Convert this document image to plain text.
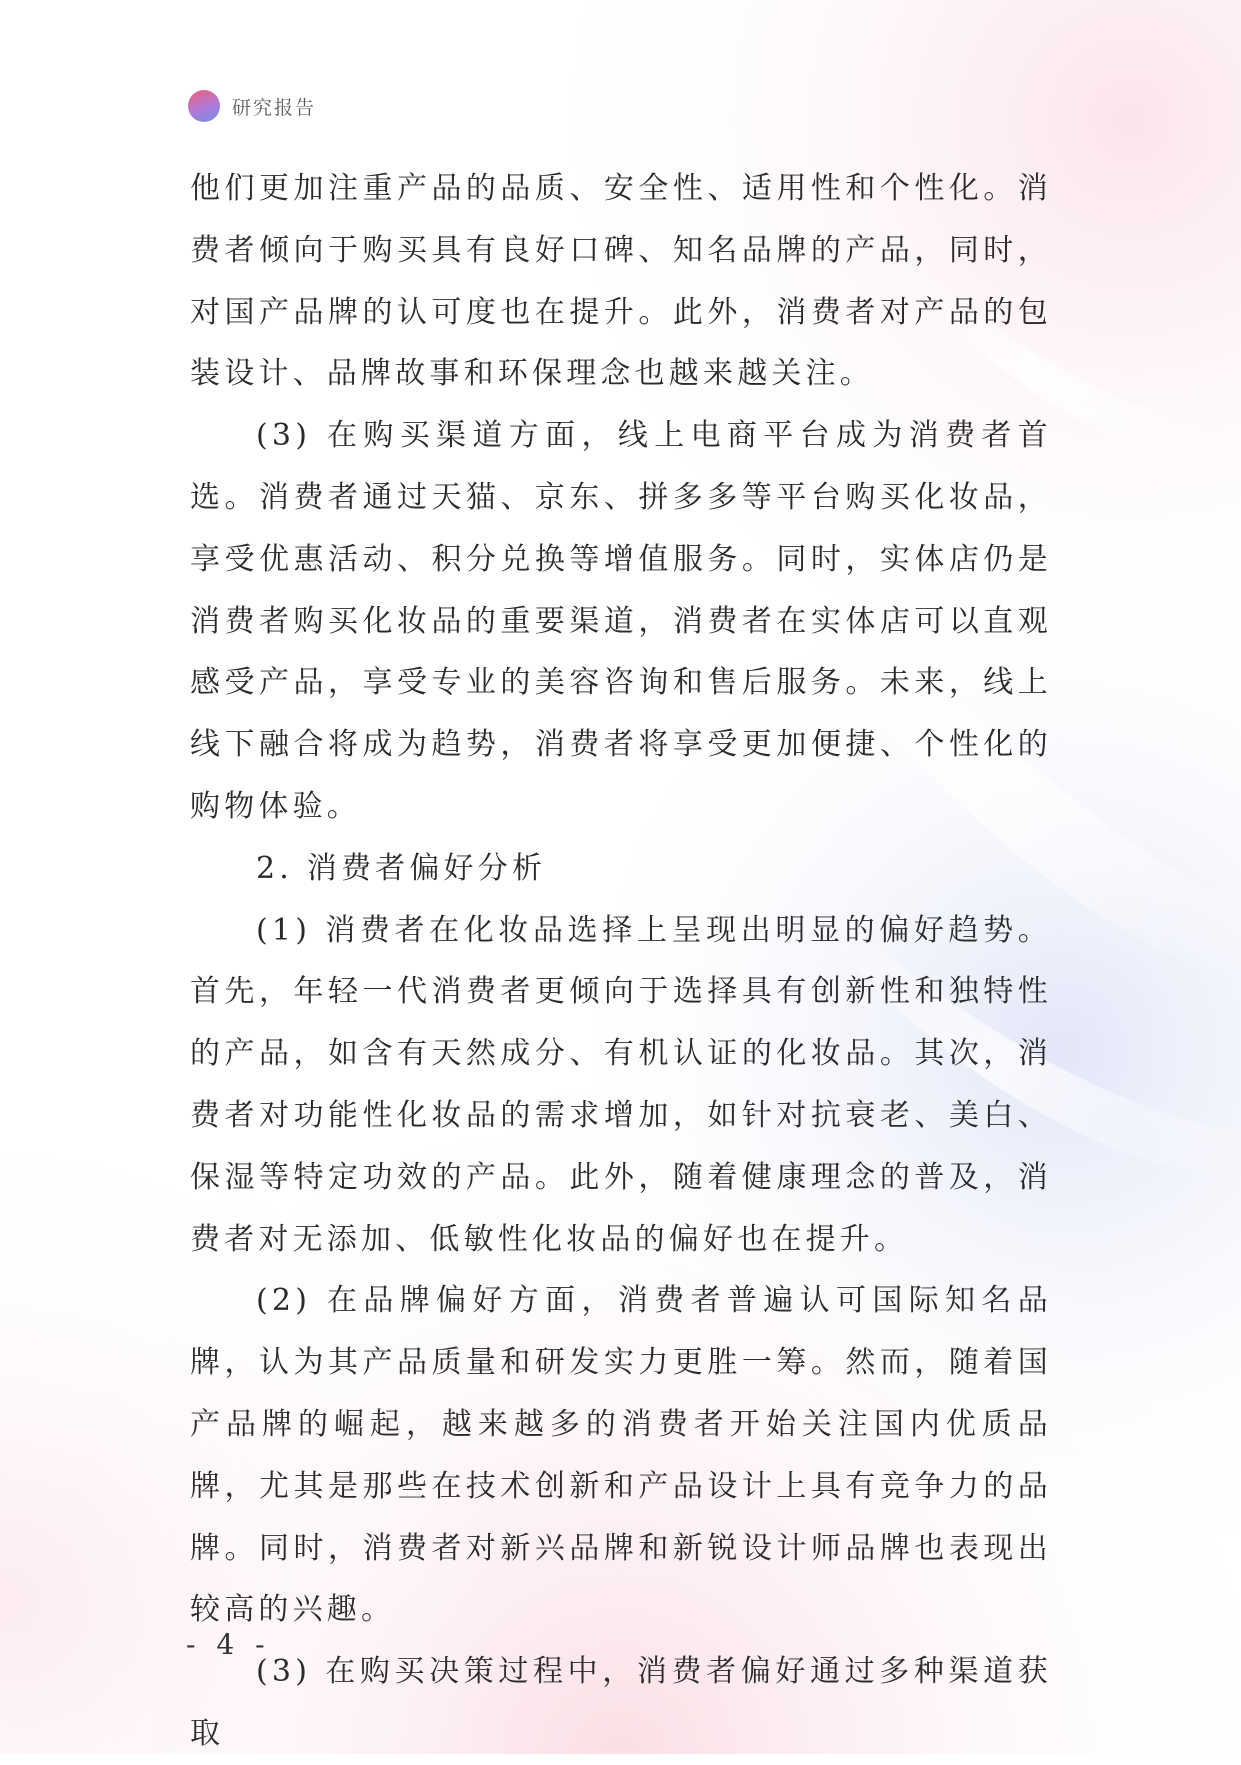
研究报告

他们更加注重产品的品质、安全性、适用性和个性化。消费者倾向于购买具有良好口碑、知名品牌的产品，同时，对国产品牌的认可度也在提升。此外，消费者对产品的包装设计、品牌故事和环保理念也越来越关注。

(3) 在购买渠道方面，线上电商平台成为消费者首选。消费者通过天猫、京东、拼多多等平台购买化妆品，享受优惠活动、积分兑换等增值服务。同时，实体店仍是消费者购买化妆品的重要渠道，消费者在实体店可以直观感受产品，享受专业的美容咨询和售后服务。未来，线上线下融合将成为趋势，消费者将享受更加便捷、个性化的购物体验。

2. 消费者偏好分析

(1) 消费者在化妆品选择上呈现出明显的偏好趋势。首先，年轻一代消费者更倾向于选择具有创新性和独特性的产品，如含有天然成分、有机认证的化妆品。其次，消费者对功能性化妆品的需求增加，如针对抗衰老、美白、保湿等特定功效的产品。此外，随着健康理念的普及，消费者对无添加、低敏性化妆品的偏好也在提升。

(2) 在品牌偏好方面，消费者普遍认可国际知名品牌，认为其产品质量和研发实力更胜一筹。然而，随着国产品牌的崛起，越来越多的消费者开始关注国内优质品牌，尤其是那些在技术创新和产品设计上具有竞争力的品牌。同时，消费者对新兴品牌和新锐设计师品牌也表现出较高的兴趣。

(3) 在购买决策过程中，消费者偏好通过多种渠道获取

- 4 -
